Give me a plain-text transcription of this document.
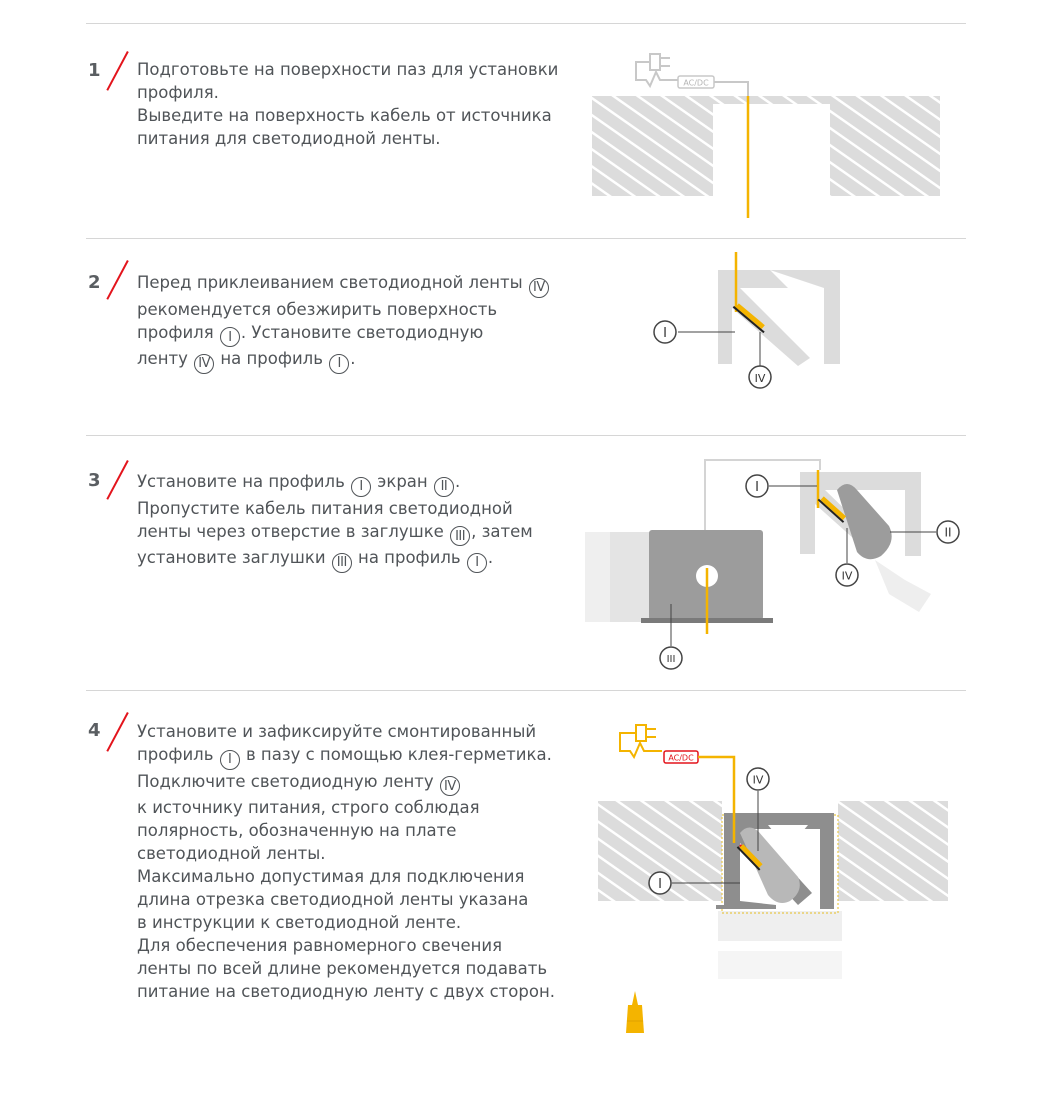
1 Подготовьте на поверхности паз для установки
профиля.
Выведите на поверхность кабель от источника
питания для светодиодной ленты.
2 Перед приклеиванием светодиодной ленты IV
рекомендуется обезжирить поверхность
профиля I . Установите светодиодную
ленту IV на профиль I .
3 Установите на профиль I экран II .
Пропустите кабель питания светодиодной
ленты через отверстие в заглушке III , затем
установите заглушки III на профиль I .
4 Установите и зафиксируйте смонтированный
профиль I в пазу с помощью клея-герметика.
Подключите светодиодную ленту IV
к источнику питания, строго соблюдая
полярность, обозначенную на плате
светодиодной ленты.
Максимально допустимая для подключения
длина отрезка светодиодной ленты указана
в инструкции к светодиодной ленте.
Для обеспечения равномерного свечения
ленты по всей длине рекомендуется подавать
питание на светодиодную ленту с двух сторон.
AC/DC
I
IV
III
I
II
IV
AC/DC
IV
I
